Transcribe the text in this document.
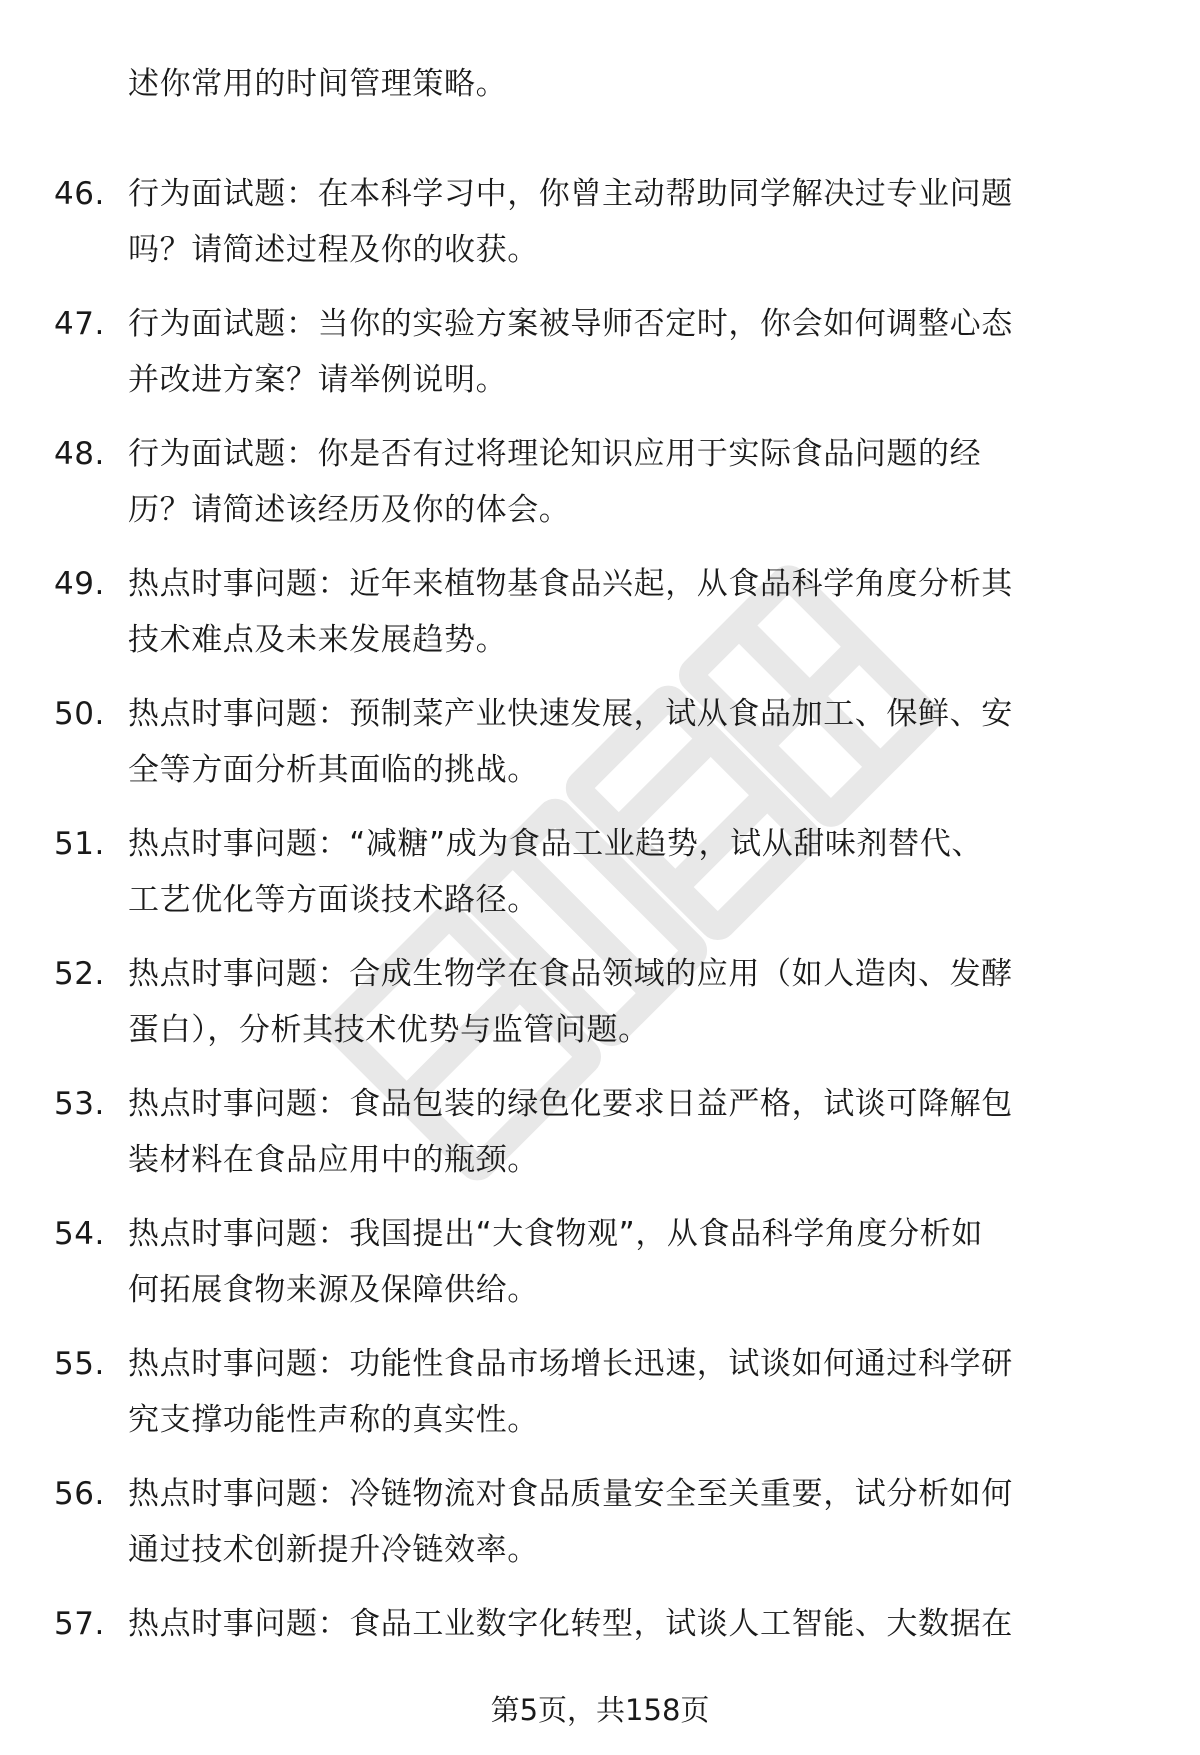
述你常用的时间管理策略。
46. 行为面试题：在本科学习中，你曾主动帮助同学解决过专业问题
吗？请简述过程及你的收获。
47. 行为面试题：当你的实验方案被导师否定时，你会如何调整心态
并改进方案？请举例说明。
48. 行为面试题：你是否有过将理论知识应用于实际食品问题的经
历？请简述该经历及你的体会。
49. 热点时事问题：近年来植物基食品兴起，从食品科学角度分析其
技术难点及未来发展趋势。
50. 热点时事问题：预制菜产业快速发展，试从食品加工、保鲜、安
全等方面分析其面临的挑战。
51. 热点时事问题：“减糖”成为食品工业趋势，试从甜味剂替代、
工艺优化等方面谈技术路径。
52. 热点时事问题：合成生物学在食品领域的应用（如人造肉、发酵
蛋白），分析其技术优势与监管问题。
53. 热点时事问题：食品包装的绿色化要求日益严格，试谈可降解包
装材料在食品应用中的瓶颈。
54. 热点时事问题：我国提出“大食物观”，从食品科学角度分析如
何拓展食物来源及保障供给。
55. 热点时事问题：功能性食品市场增长迅速，试谈如何通过科学研
究支撑功能性声称的真实性。
56. 热点时事问题：冷链物流对食品质量安全至关重要，试分析如何
通过技术创新提升冷链效率。
57. 热点时事问题：食品工业数字化转型，试谈人工智能、大数据在
第5页，共158页
